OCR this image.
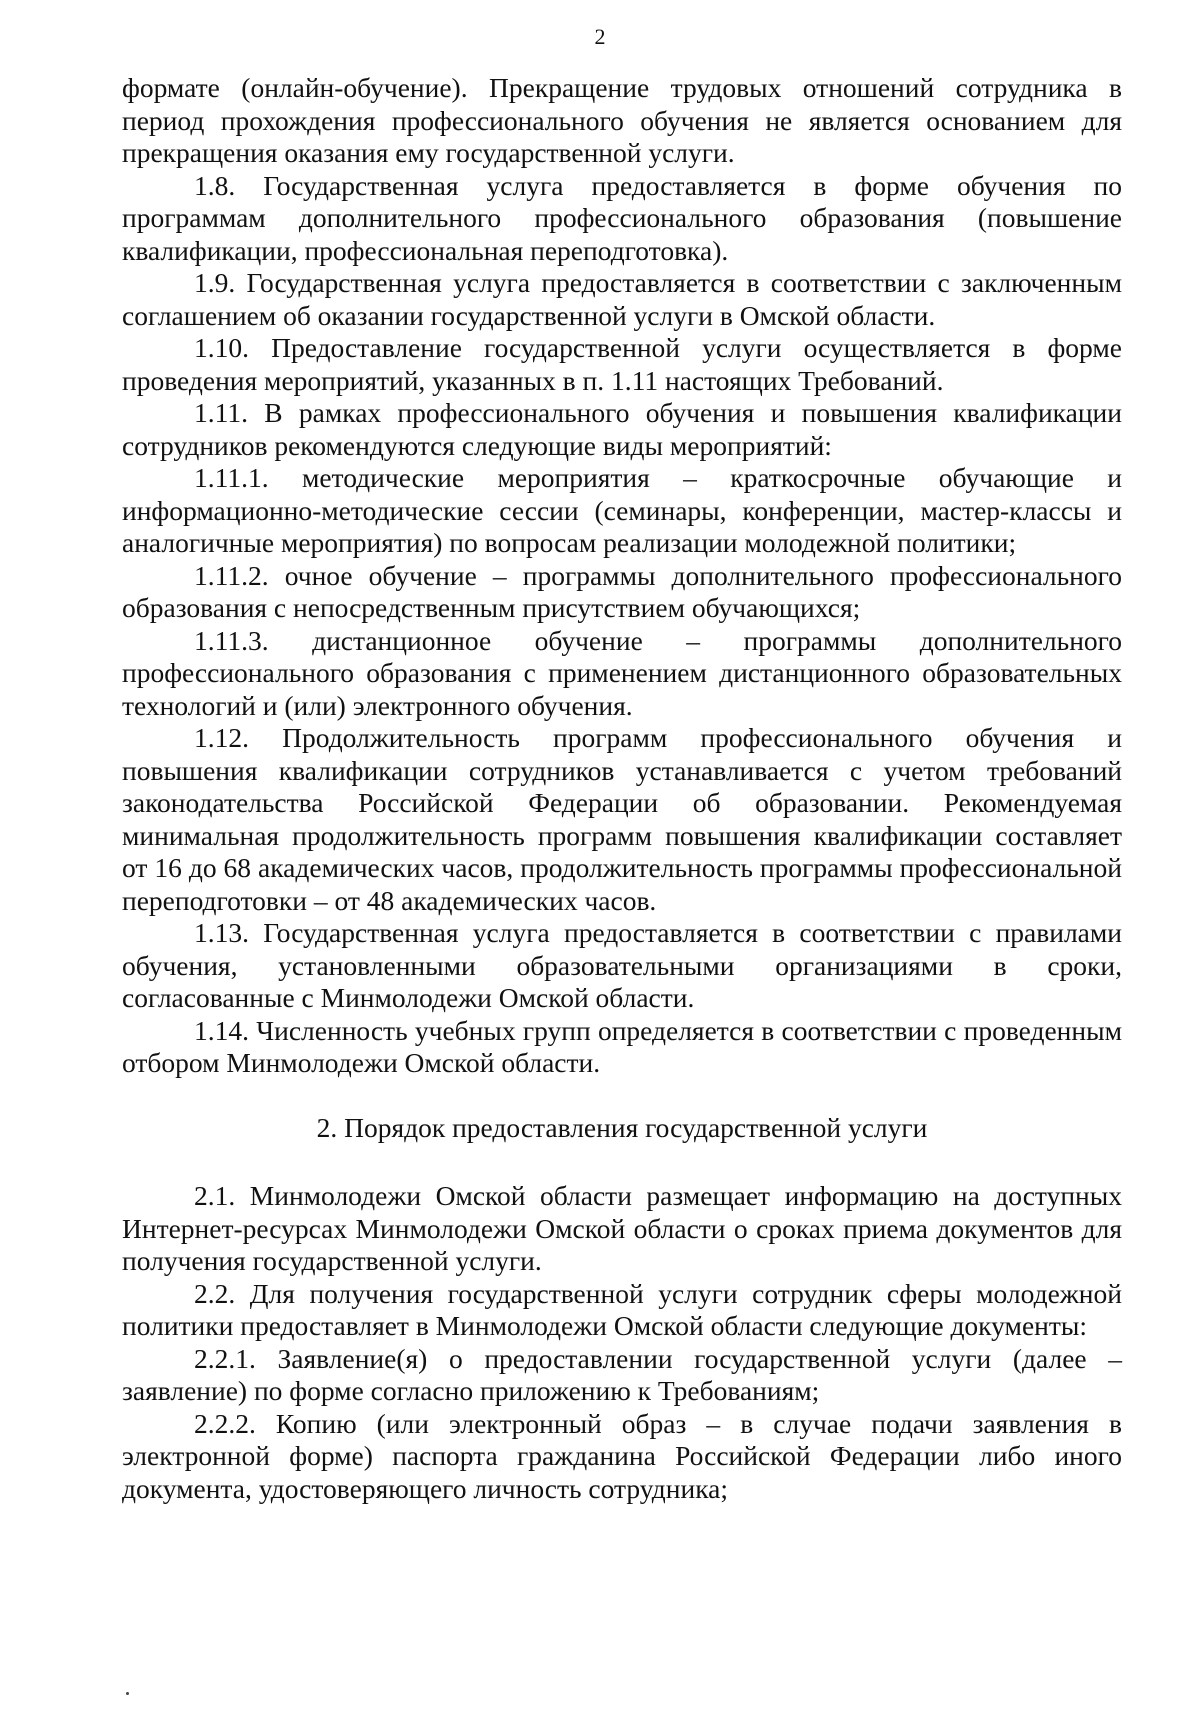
2

формате (онлайн-обучение). Прекращение трудовых отношений сотрудника в период прохождения профессионального обучения не является основанием для прекращения оказания ему государственной услуги.

1.8. Государственная услуга предоставляется в форме обучения по программам дополнительного профессионального образования (повышение квалификации, профессиональная переподготовка).

1.9. Государственная услуга предоставляется в соответствии с заключенным соглашением об оказании государственной услуги в Омской области.

1.10. Предоставление государственной услуги осуществляется в форме проведения мероприятий, указанных в п. 1.11 настоящих Требований.

1.11. В рамках профессионального обучения и повышения квалификации сотрудников рекомендуются следующие виды мероприятий:

1.11.1. методические мероприятия – краткосрочные обучающие и информационно-методические сессии (семинары, конференции, мастер-классы и аналогичные мероприятия) по вопросам реализации молодежной политики;

1.11.2. очное обучение – программы дополнительного профессионального образования с непосредственным присутствием обучающихся;

1.11.3. дистанционное обучение – программы дополнительного профессионального образования с применением дистанционного образовательных технологий и (или) электронного обучения.

1.12. Продолжительность программ профессионального обучения и повышения квалификации сотрудников устанавливается с учетом требований законодательства Российской Федерации об образовании. Рекомендуемая минимальная продолжительность программ повышения квалификации составляет от 16 до 68 академических часов, продолжительность программы профессиональной переподготовки – от 48 академических часов.

1.13. Государственная услуга предоставляется в соответствии с правилами обучения, установленными образовательными организациями в сроки, согласованные с Минмолодежи Омской области.

1.14. Численность учебных групп определяется в соответствии с проведенным отбором Минмолодежи Омской области.

2. Порядок предоставления государственной услуги

2.1. Минмолодежи Омской области размещает информацию на доступных Интернет-ресурсах Минмолодежи Омской области о сроках приема документов для получения государственной услуги.

2.2. Для получения государственной услуги сотрудник сферы молодежной политики предоставляет в Минмолодежи Омской области следующие документы:

2.2.1. Заявление(я) о предоставлении государственной услуги (далее – заявление) по форме согласно приложению к Требованиям;

2.2.2. Копию (или электронный образ – в случае подачи заявления в электронной форме) паспорта гражданина Российской Федерации либо иного документа, удостоверяющего личность сотрудника;
